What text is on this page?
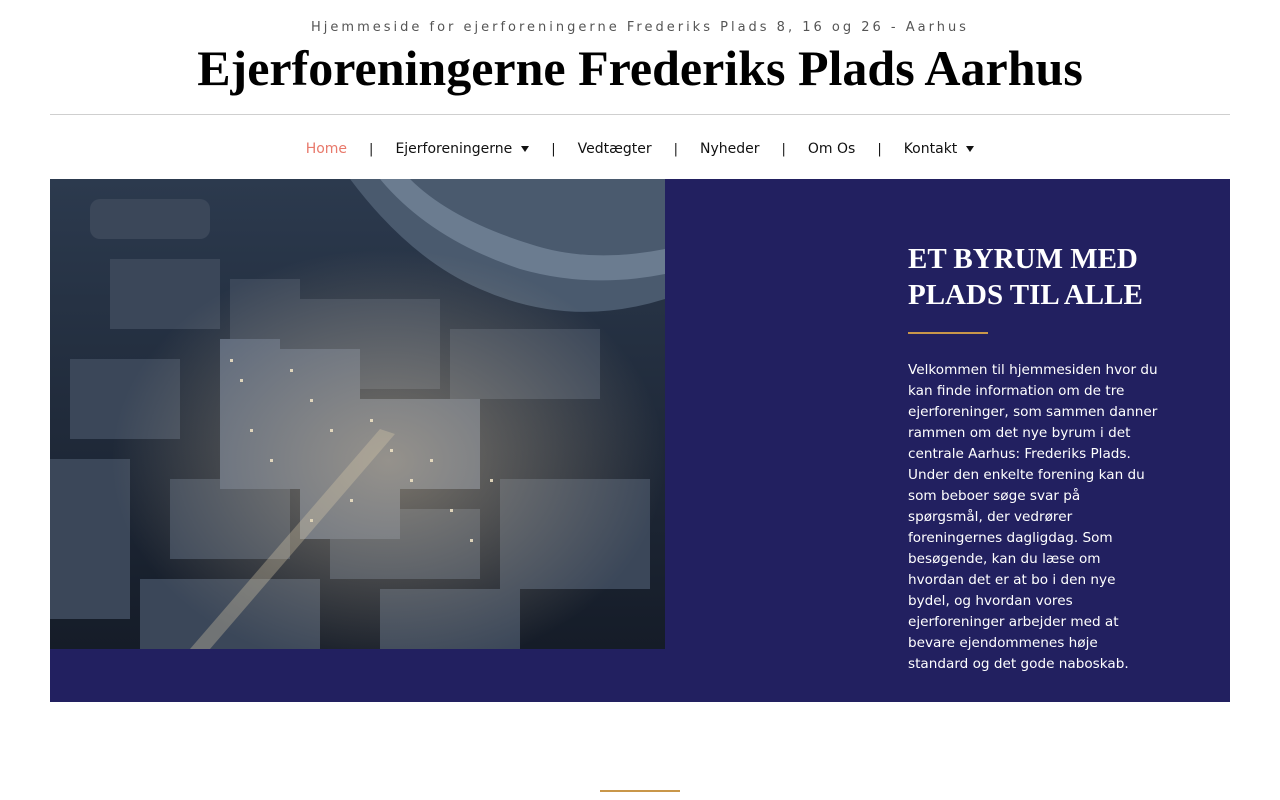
Hjemmeside for ejerforeningerne Frederiks Plads 8, 16 og 26 - Aarhus
Ejerforeningerne Frederiks Plads Aarhus
Home | Ejerforeningerne	| Vedtægter | Nyheder | Om Os | Kontakt
ET BYRUM MED
PLADS TIL ALLE

Velkommen til hjemmesiden hvor du kan finde information om de tre ejerforeninger, som sammen danner rammen om det nye byrum i det centrale Aarhus: Frederiks Plads. Under den enkelte forening kan du som beboer søge svar på spørgsmål, der vedrører foreningernes dagligdag. Som besøgende, kan du læse om hvordan det er at bo i den nye bydel, og hvordan vores ejerforeninger arbejder med at bevare ejendommenes høje standard og det gode naboskab.
